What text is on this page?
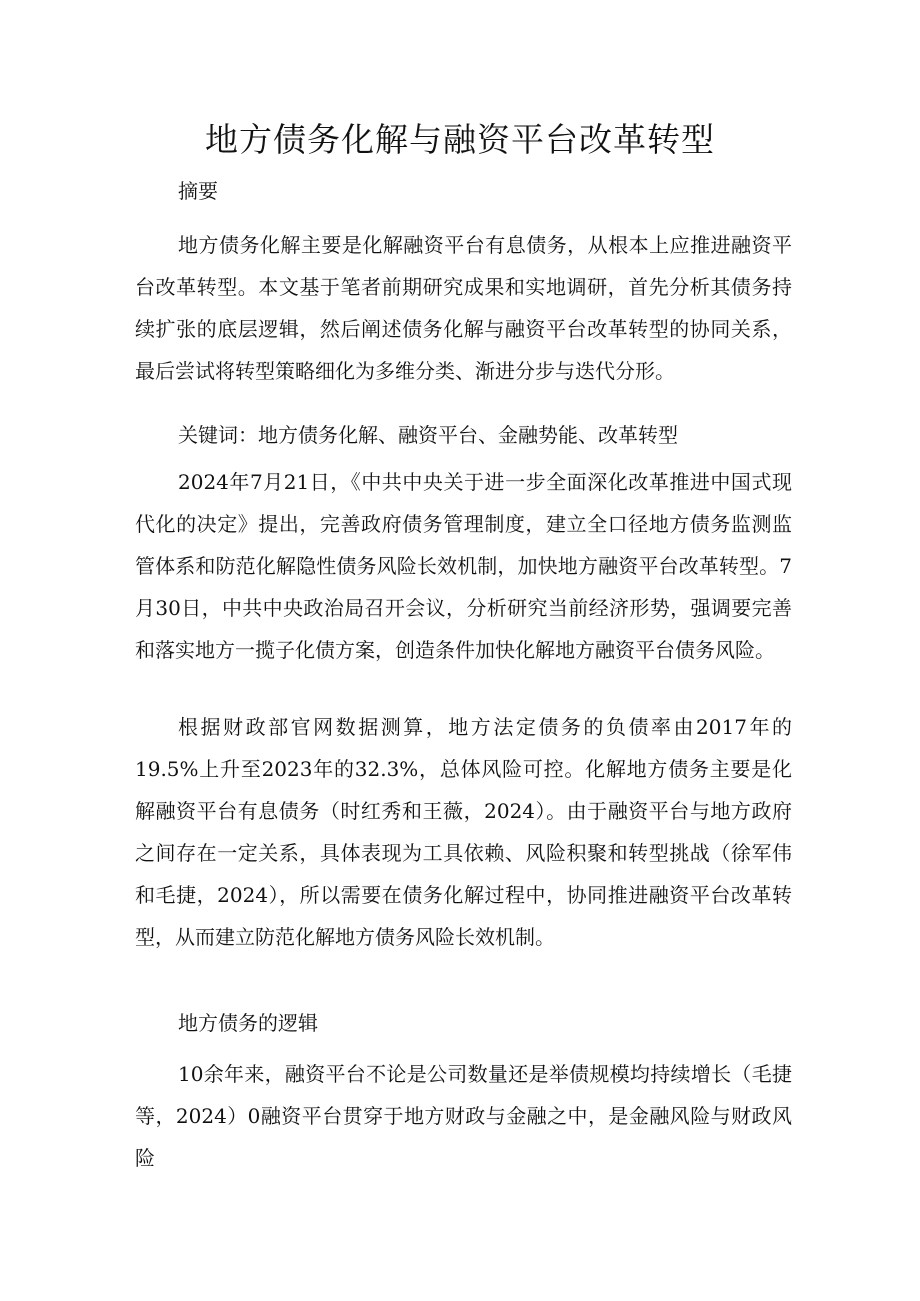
地方债务化解与融资平台改革转型
摘要

地方债务化解主要是化解融资平台有息债务，从根本上应推进融资平台改革转型。本文基于笔者前期研究成果和实地调研，首先分析其债务持续扩张的底层逻辑，然后阐述债务化解与融资平台改革转型的协同关系，最后尝试将转型策略细化为多维分类、渐进分步与迭代分形。

关键词：地方债务化解、融资平台、金融势能、改革转型

2024年7月21日，《中共中央关于进一步全面深化改革推进中国式现代化的决定》提出，完善政府债务管理制度，建立全口径地方债务监测监管体系和防范化解隐性债务风险长效机制，加快地方融资平台改革转型。7月30日，中共中央政治局召开会议，分析研究当前经济形势，强调要完善和落实地方一揽子化债方案，创造条件加快化解地方融资平台债务风险。

根据财政部官网数据测算，地方法定债务的负债率由2017年的19.5%上升至2023年的32.3%，总体风险可控。化解地方债务主要是化解融资平台有息债务（时红秀和王薇，2024）。由于融资平台与地方政府之间存在一定关系，具体表现为工具依赖、风险积聚和转型挑战（徐军伟和毛捷，2024），所以需要在债务化解过程中，协同推进融资平台改革转型，从而建立防范化解地方债务风险长效机制。

地方债务的逻辑

10余年来，融资平台不论是公司数量还是举债规模均持续增长（毛捷等，2024）0融资平台贯穿于地方财政与金融之中，是金融风险与财政风险
